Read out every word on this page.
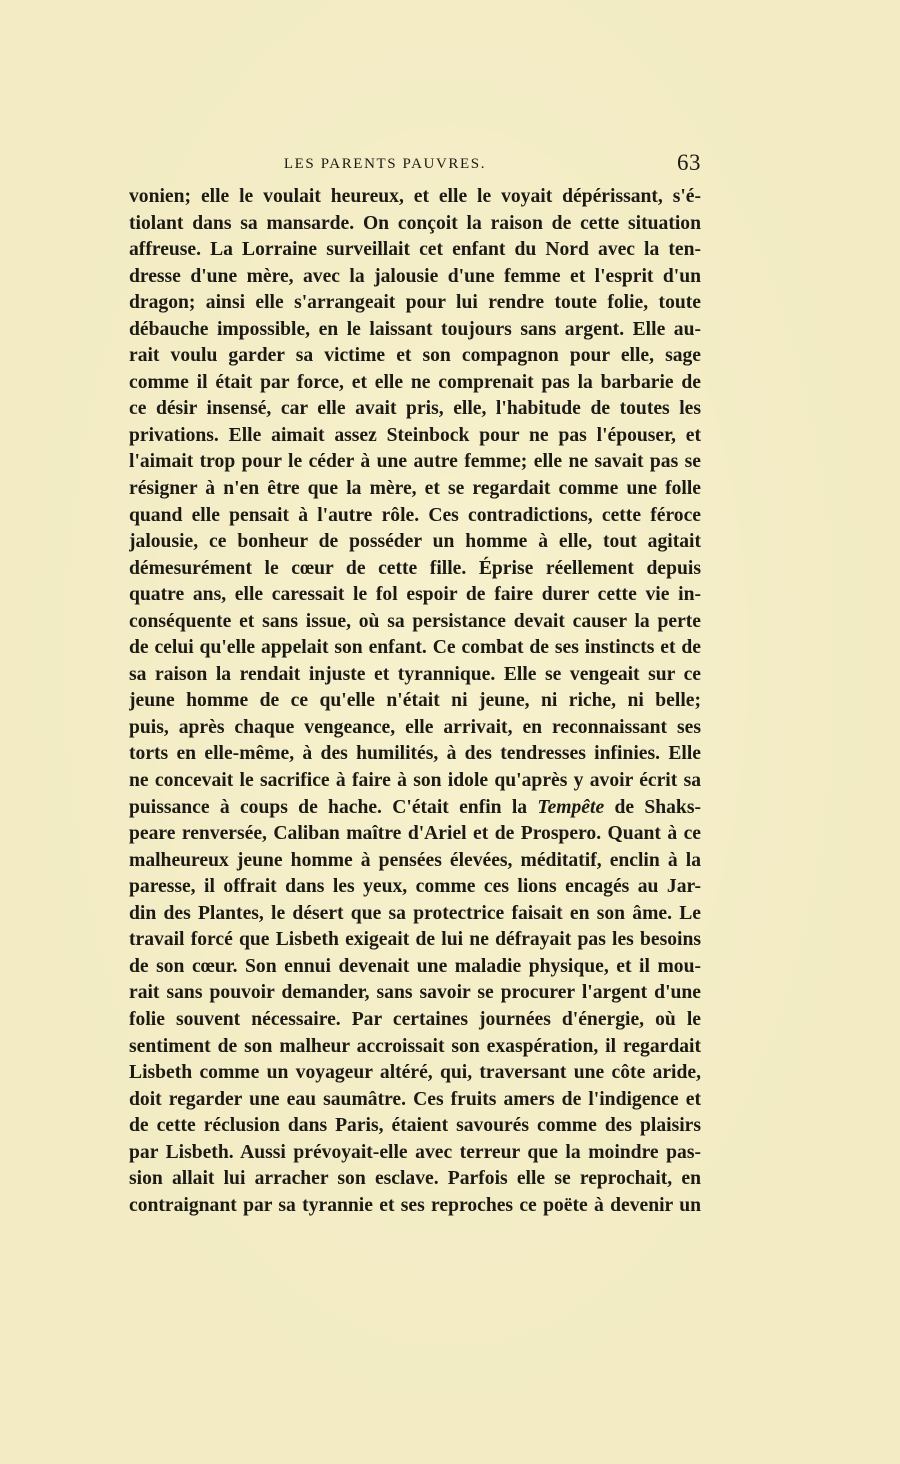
LES PARENTS PAUVRES.	63
vonien; elle le voulait heureux, et elle le voyait dépérissant, s'é-
tiolant dans sa mansarde. On conçoit la raison de cette situation
affreuse. La Lorraine surveillait cet enfant du Nord avec la ten-
dresse d'une mère, avec la jalousie d'une femme et l'esprit d'un
dragon; ainsi elle s'arrangeait pour lui rendre toute folie, toute
débauche impossible, en le laissant toujours sans argent. Elle au-
rait voulu garder sa victime et son compagnon pour elle, sage
comme il était par force, et elle ne comprenait pas la barbarie de
ce désir insensé, car elle avait pris, elle, l'habitude de toutes les
privations. Elle aimait assez Steinbock pour ne pas l'épouser, et
l'aimait trop pour le céder à une autre femme; elle ne savait pas se
résigner à n'en être que la mère, et se regardait comme une folle
quand elle pensait à l'autre rôle. Ces contradictions, cette féroce
jalousie, ce bonheur de posséder un homme à elle, tout agitait
démesurément le cœur de cette fille. Éprise réellement depuis
quatre ans, elle caressait le fol espoir de faire durer cette vie in-
conséquente et sans issue, où sa persistance devait causer la perte
de celui qu'elle appelait son enfant. Ce combat de ses instincts et de
sa raison la rendait injuste et tyrannique. Elle se vengeait sur ce
jeune homme de ce qu'elle n'était ni jeune, ni riche, ni belle;
puis, après chaque vengeance, elle arrivait, en reconnaissant ses
torts en elle-même, à des humilités, à des tendresses infinies. Elle
ne concevait le sacrifice à faire à son idole qu'après y avoir écrit sa
puissance à coups de hache. C'était enfin la Tempête de Shaks-
peare renversée, Caliban maître d'Ariel et de Prospero. Quant à ce
malheureux jeune homme à pensées élevées, méditatif, enclin à la
paresse, il offrait dans les yeux, comme ces lions encagés au Jar-
din des Plantes, le désert que sa protectrice faisait en son âme. Le
travail forcé que Lisbeth exigeait de lui ne défrayait pas les besoins
de son cœur. Son ennui devenait une maladie physique, et il mou-
rait sans pouvoir demander, sans savoir se procurer l'argent d'une
folie souvent nécessaire. Par certaines journées d'énergie, où le
sentiment de son malheur accroissait son exaspération, il regardait
Lisbeth comme un voyageur altéré, qui, traversant une côte aride,
doit regarder une eau saumâtre. Ces fruits amers de l'indigence et
de cette réclusion dans Paris, étaient savourés comme des plaisirs
par Lisbeth. Aussi prévoyait-elle avec terreur que la moindre pas-
sion allait lui arracher son esclave. Parfois elle se reprochait, en
contraignant par sa tyrannie et ses reproches ce poëte à devenir un
